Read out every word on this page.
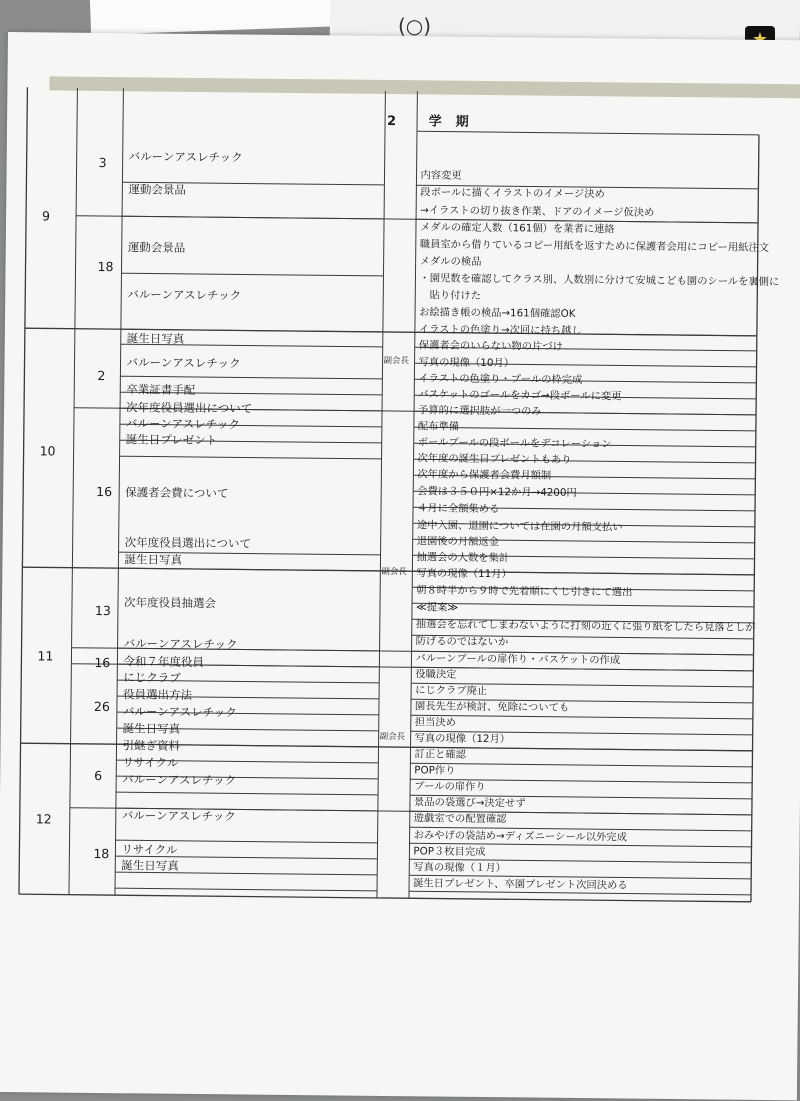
(○)
2 学期
9
10
11
12
3
18
2
16
13
16
26
6
18
バルーンアスレチック
運動会景品
運動会景品
バルーンアスレチック
誕生日写真
バルーンアスレチック
卒業証書手配
次年度役員選出について
バルーンアスレチック
誕生日プレゼント
保護者会費について
次年度役員選出について
誕生日写真
次年度役員抽選会
バルーンアスレチック
令和７年度役員
にじクラブ
役員選出方法
バルーンアスレチック
誕生日写真
引継ぎ資料
リサイクル
バルーンアスレチック
バルーンアスレチック
リサイクル
誕生日写真
内容変更
段ボールに描くイラストのイメージ決め
→イラストの切り抜き作業、ドアのイメージ仮決め
メダルの確定人数（161個）を業者に連絡
職員室から借りているコピー用紙を返すために保護者会用にコピー用紙注文
メダルの検品
・園児数を確認してクラス別、人数別に分けて安城こども園のシールを裏側に
　貼り付けた
お絵描き帳の検品→161個確認OK
イラストの色塗り→次回に持ち越し
保護者会のいらない物の片づけ
写真の現像（10月）
イラストの色塗り・プールの枠完成
バスケットのゴールをカゴ→段ボールに変更
予算的に選択肢が一つのみ
配布準備
ボールプールの段ボールをデコレーション
次年度の誕生日プレゼントもあり
次年度から保護者会費月額制
会費は３５０円×12か月→4200円
４月に全額集める
途中入園、退園については在園の月額支払い
退園後の月額返金
抽選会の人数を集計
写真の現像（11月）
朝８時半から９時で先着順にくじ引きにて選出
≪提案≫
抽選会を忘れてしまわないように打刻の近くに張り紙をしたら見落としが
防げるのではないか
バルーンプールの扉作り・バスケットの作成
役職決定
にじクラブ廃止
園長先生が検討、免除についても
担当決め
写真の現像（12月）
訂正と確認
POP作り
プールの扉作り
景品の袋選び→決定せず
遊戯室での配置確認
おみやげの袋詰め→ディズニーシール以外完成
POP３枚目完成
写真の現像（１月）
誕生日プレゼント、卒園プレゼント次回決める
副会長
副会長
副会長
